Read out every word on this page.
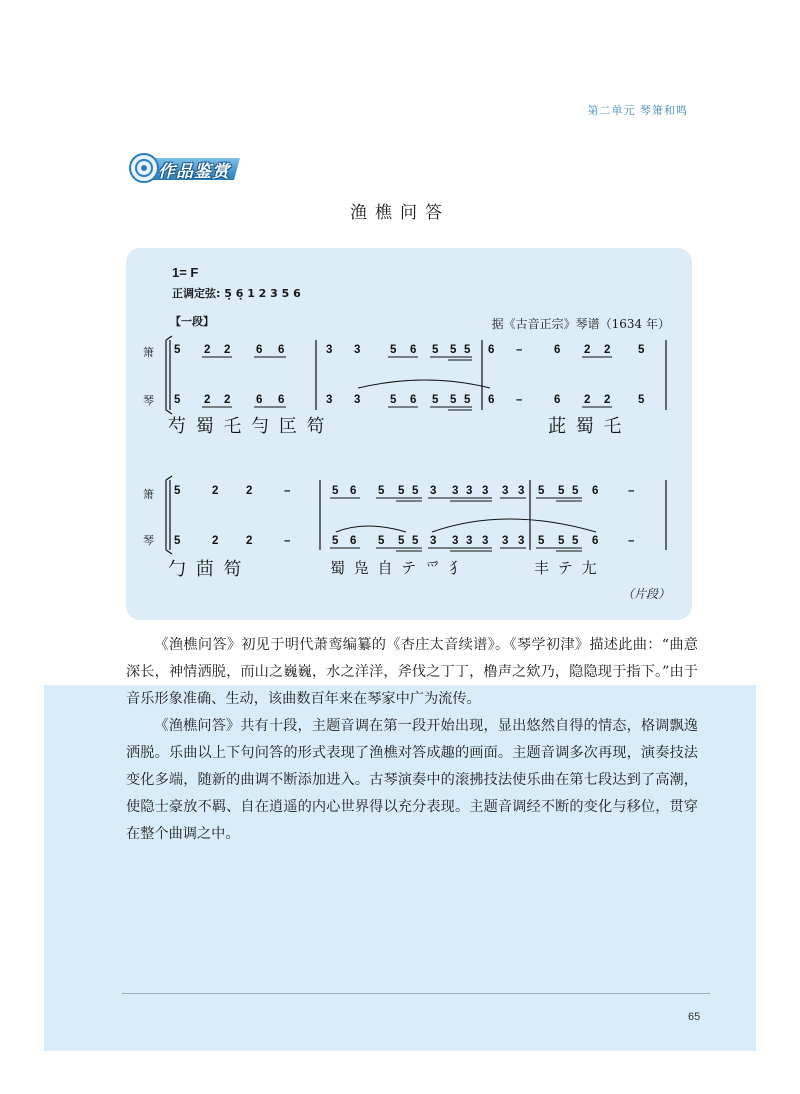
第二单元 琴箫和鸣
作品鉴赏
渔樵问答
1= F
正调定弦: 5̣ 6̣ 1 2 3 5 6
【一段】	据《古音正宗》琴谱（1634 年）
箫
琴
箫
琴
5 2 2 6 6	3 3	5 6 5 5 5 6 –	6 2 2 5
5 2 2 6 6	3 3	5 6 5 5 5 6 –	6 2 2 5
5	2 2	–	5 6 5 5 5 3 3 3 3 3 3 5 5 5 6	–
5	2 2	–	5 6 5 5 5 3 3 3 3 3 3 5 5 5 6	–
芍 蜀 乇 勻 匞 笱	茈 蜀 乇
勹 茴 笱	蜀 凫 自 テ 爫 犭	丰 テ 尢
（片段）
《渔樵问答》初见于明代萧鸾编纂的《杏庄太音续谱》。《琴学初津》描述此曲：“曲意深长，神情洒脱，而山之巍巍，水之洋洋，斧伐之丁丁，橹声之欸乃，隐隐现于指下。”由于音乐形象准确、生动，该曲数百年来在琴家中广为流传。
《渔樵问答》共有十段，主题音调在第一段开始出现，显出悠然自得的情态，格调飘逸洒脱。乐曲以上下句问答的形式表现了渔樵对答成趣的画面。主题音调多次再现，演奏技法变化多端，随新的曲调不断添加进入。古琴演奏中的滚拂技法使乐曲在第七段达到了高潮，使隐士豪放不羁、自在逍遥的内心世界得以充分表现。主题音调经不断的变化与移位，贯穿在整个曲调之中。
65
